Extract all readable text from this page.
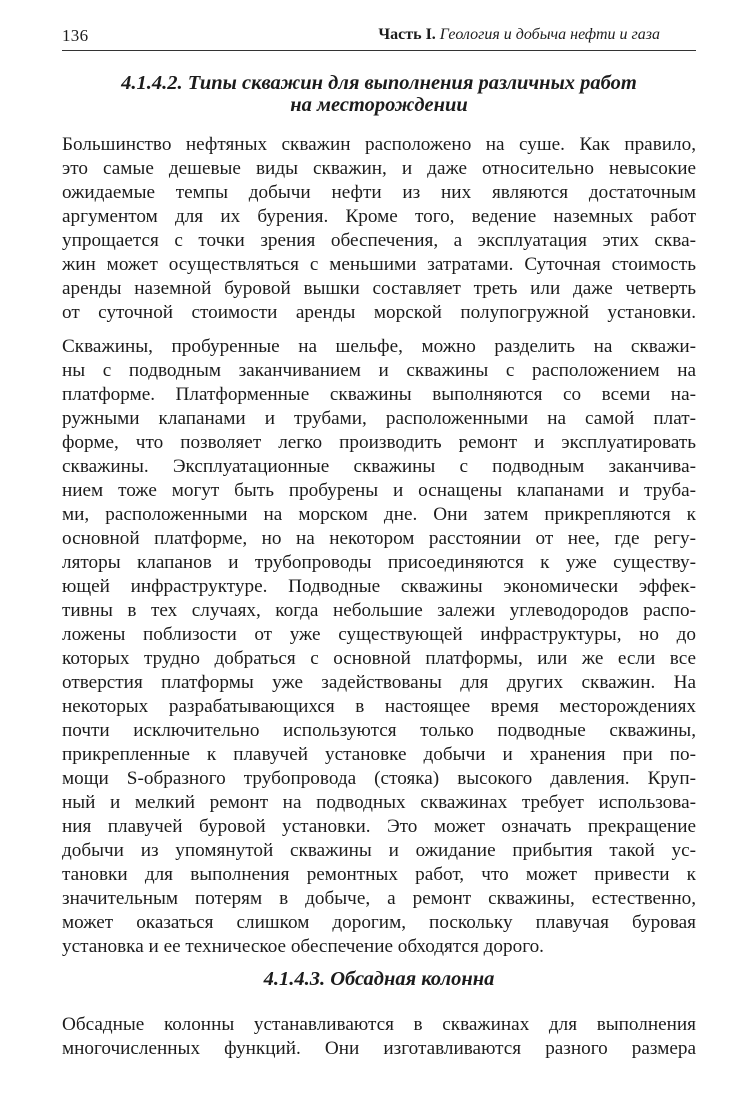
136	Часть I. Геология и добыча нефти и газа
4.1.4.2. Типы скважин для выполнения различных работ
на месторождении
Большинство нефтяных скважин расположено на суше. Как правило,
это самые дешевые виды скважин, и даже относительно невысокие
ожидаемые темпы добычи нефти из них являются достаточным
аргументом для их бурения. Кроме того, ведение наземных работ
упрощается с точки зрения обеспечения, а эксплуатация этих сква-
жин может осуществляться с меньшими затратами. Суточная стоимость
аренды наземной буровой вышки составляет треть или даже четверть
от суточной стоимости аренды морской полупогружной установки.
Скважины, пробуренные на шельфе, можно разделить на скважи-
ны с подводным заканчиванием и скважины с расположением на
платформе. Платформенные скважины выполняются со всеми на-
ружными клапанами и трубами, расположенными на самой плат-
форме, что позволяет легко производить ремонт и эксплуатировать
скважины. Эксплуатационные скважины с подводным заканчива-
нием тоже могут быть пробурены и оснащены клапанами и труба-
ми, расположенными на морском дне. Они затем прикрепляются к
основной платформе, но на некотором расстоянии от нее, где регу-
ляторы клапанов и трубопроводы присоединяются к уже существу-
ющей инфраструктуре. Подводные скважины экономически эффек-
тивны в тех случаях, когда небольшие залежи углеводородов распо-
ложены поблизости от уже существующей инфраструктуры, но до
которых трудно добраться с основной платформы, или же если все
отверстия платформы уже задействованы для других скважин. На
некоторых разрабатывающихся в настоящее время месторождениях
почти исключительно используются только подводные скважины,
прикрепленные к плавучей установке добычи и хранения при по-
мощи S-образного трубопровода (стояка) высокого давления. Круп-
ный и мелкий ремонт на подводных скважинах требует использова-
ния плавучей буровой установки. Это может означать прекращение
добычи из упомянутой скважины и ожидание прибытия такой ус-
тановки для выполнения ремонтных работ, что может привести к
значительным потерям в добыче, а ремонт скважины, естественно,
может оказаться слишком дорогим, поскольку плавучая буровая
установка и ее техническое обеспечение обходятся дорого.
4.1.4.3. Обсадная колонна
Обсадные колонны устанавливаются в скважинах для выполнения
многочисленных функций. Они изготавливаются разного размера
